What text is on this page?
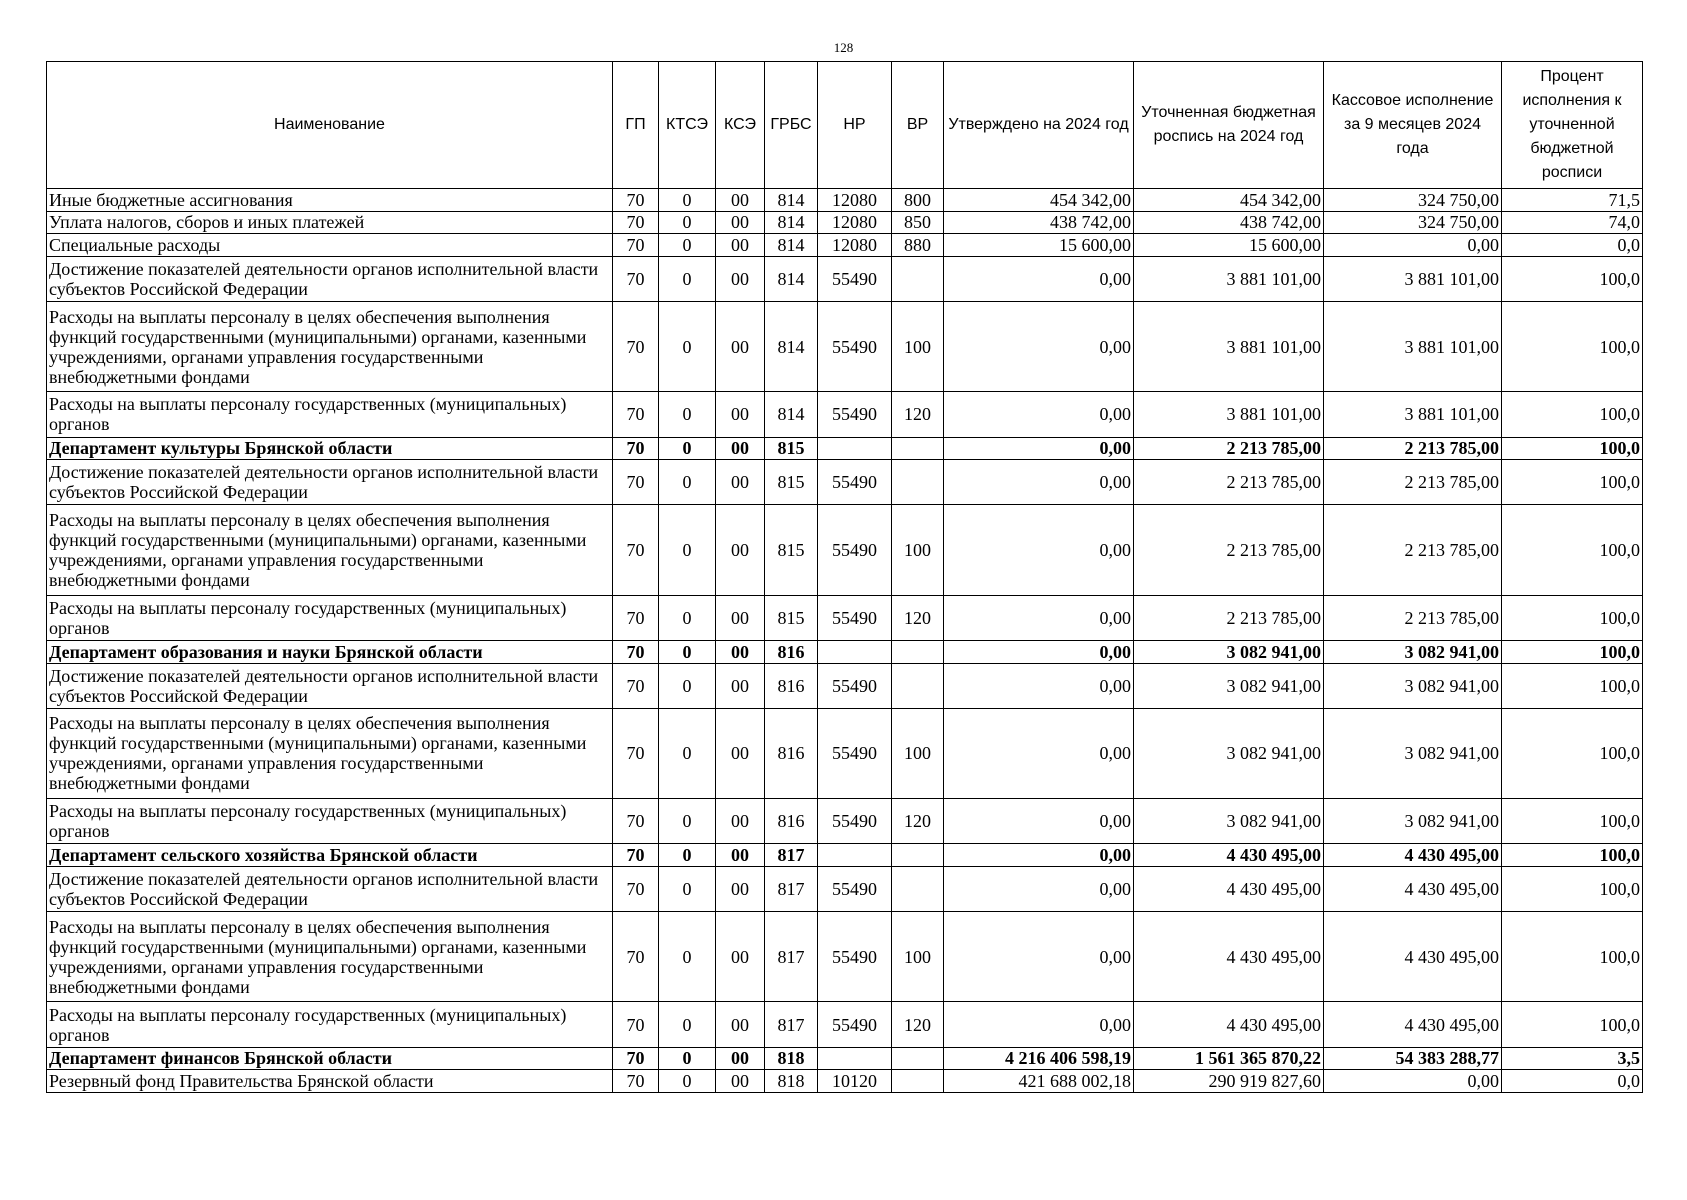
128
Наименование	ГП	КТСЭ	КСЭ	ГРБС	НР	ВР	Утверждено на 2024 год	Уточненная бюджетная роспись на 2024 год	Кассовое исполнение за 9 месяцев 2024 года	Процент исполнения к уточненной бюджетной росписи
Иные бюджетные ассигнования	70	0	00	814	12080	800	454 342,00	454 342,00	324 750,00	71,5
Уплата налогов, сборов и иных платежей	70	0	00	814	12080	850	438 742,00	438 742,00	324 750,00	74,0
Специальные расходы	70	0	00	814	12080	880	15 600,00	15 600,00	0,00	0,0
Достижение показателей деятельности органов исполнительной власти субъектов Российской Федерации	70	0	00	814	55490		0,00	3 881 101,00	3 881 101,00	100,0
Расходы на выплаты персоналу в целях обеспечения выполнения функций государственными (муниципальными) органами, казенными учреждениями, органами управления государственными внебюджетными фондами	70	0	00	814	55490	100	0,00	3 881 101,00	3 881 101,00	100,0
Расходы на выплаты персоналу государственных (муниципальных) органов	70	0	00	814	55490	120	0,00	3 881 101,00	3 881 101,00	100,0
Департамент культуры Брянской области	70	0	00	815			0,00	2 213 785,00	2 213 785,00	100,0
Достижение показателей деятельности органов исполнительной власти субъектов Российской Федерации	70	0	00	815	55490		0,00	2 213 785,00	2 213 785,00	100,0
Расходы на выплаты персоналу в целях обеспечения выполнения функций государственными (муниципальными) органами, казенными учреждениями, органами управления государственными внебюджетными фондами	70	0	00	815	55490	100	0,00	2 213 785,00	2 213 785,00	100,0
Расходы на выплаты персоналу государственных (муниципальных) органов	70	0	00	815	55490	120	0,00	2 213 785,00	2 213 785,00	100,0
Департамент образования и науки Брянской области	70	0	00	816			0,00	3 082 941,00	3 082 941,00	100,0
Достижение показателей деятельности органов исполнительной власти субъектов Российской Федерации	70	0	00	816	55490		0,00	3 082 941,00	3 082 941,00	100,0
Расходы на выплаты персоналу в целях обеспечения выполнения функций государственными (муниципальными) органами, казенными учреждениями, органами управления государственными внебюджетными фондами	70	0	00	816	55490	100	0,00	3 082 941,00	3 082 941,00	100,0
Расходы на выплаты персоналу государственных (муниципальных) органов	70	0	00	816	55490	120	0,00	3 082 941,00	3 082 941,00	100,0
Департамент сельского хозяйства Брянской области	70	0	00	817			0,00	4 430 495,00	4 430 495,00	100,0
Достижение показателей деятельности органов исполнительной власти субъектов Российской Федерации	70	0	00	817	55490		0,00	4 430 495,00	4 430 495,00	100,0
Расходы на выплаты персоналу в целях обеспечения выполнения функций государственными (муниципальными) органами, казенными учреждениями, органами управления государственными внебюджетными фондами	70	0	00	817	55490	100	0,00	4 430 495,00	4 430 495,00	100,0
Расходы на выплаты персоналу государственных (муниципальных) органов	70	0	00	817	55490	120	0,00	4 430 495,00	4 430 495,00	100,0
Департамент финансов Брянской области	70	0	00	818			4 216 406 598,19	1 561 365 870,22	54 383 288,77	3,5
Резервный фонд Правительства Брянской области	70	0	00	818	10120		421 688 002,18	290 919 827,60	0,00	0,0
